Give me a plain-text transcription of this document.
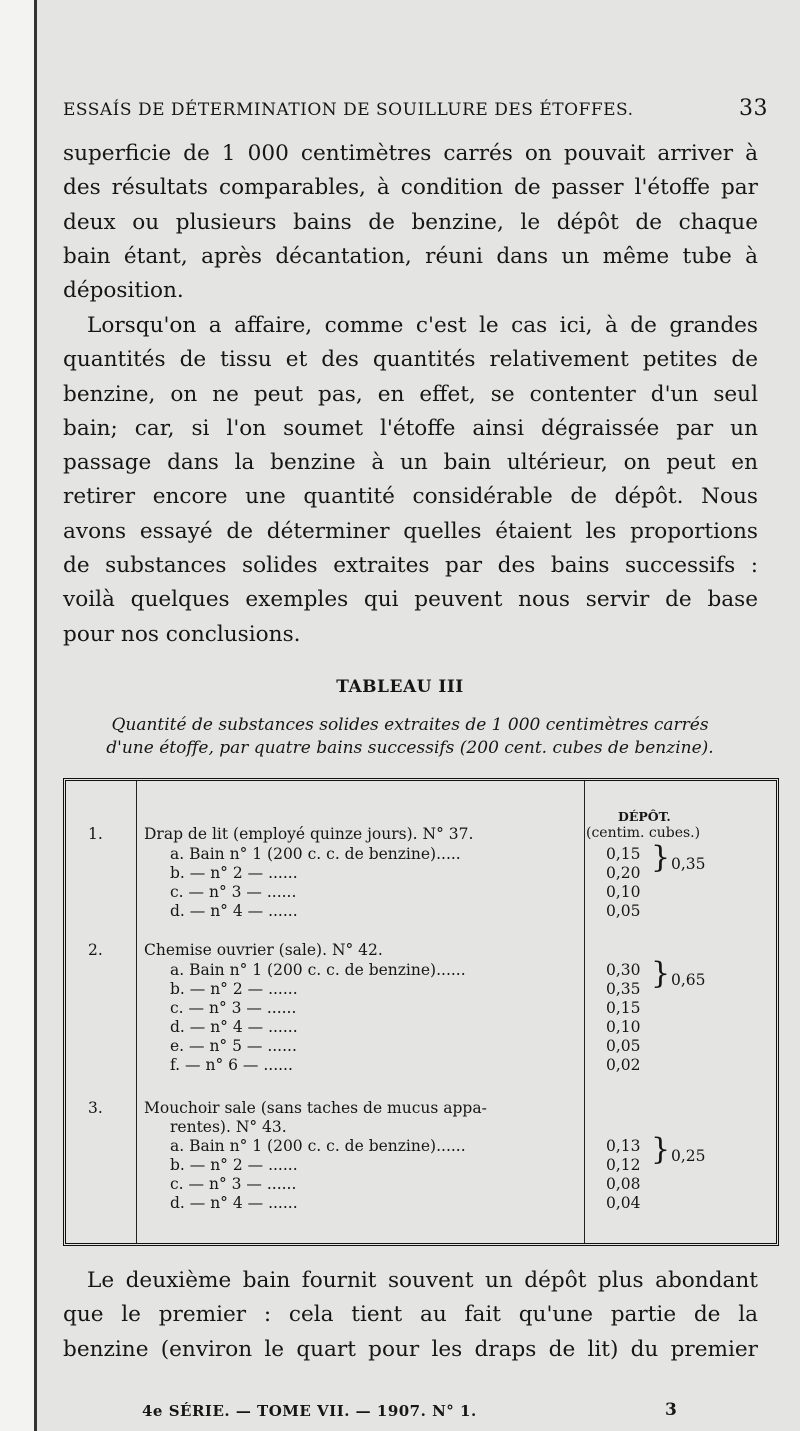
ESSAÍS DE DÉTERMINATION DE SOUILLURE DES ÉTOFFES.	33
superficie de 1 000 centimètres carrés on pouvait arriver à
des résultats comparables, à condition de passer l'étoffe par
deux ou plusieurs bains de benzine, le dépôt de chaque
bain étant, après décantation, réuni dans un même tube à
déposition.
Lorsqu'on a affaire, comme c'est le cas ici, à de grandes
quantités de tissu et des quantités relativement petites de
benzine, on ne peut pas, en effet, se contenter d'un seul
bain; car, si l'on soumet l'étoffe ainsi dégraissée par un
passage dans la benzine à un bain ultérieur, on peut en
retirer encore une quantité considérable de dépôt. Nous
avons essayé de déterminer quelles étaient les proportions
de substances solides extraites par des bains successifs :
voilà quelques exemples qui peuvent nous servir de base
pour nos conclusions.
TABLEAU III
Quantité de substances solides extraites de 1 000 centimètres carrés
d'une étoffe, par quatre bains successifs (200 cent. cubes de benzine).
DÉPÔT.
(centim. cubes.)
1.	Drap de lit (employé quinze jours). N° 37.
a. Bain n° 1 (200 c. c. de benzine).....	0,15
b. — n° 2 — ......	0,20
c. — n° 3 — ......	0,10
d. — n° 4 — ......	0,05
} 0,35
2.	Chemise ouvrier (sale). N° 42.
a. Bain n° 1 (200 c. c. de benzine)......	0,30
b. — n° 2 — ......	0,35
c. — n° 3 — ......	0,15
d. — n° 4 — ......	0,10
e. — n° 5 — ......	0,05
f. — n° 6 — ......	0,02
} 0,65
3.	Mouchoir sale (sans taches de mucus appa-
rentes). N° 43.
a. Bain n° 1 (200 c. c. de benzine)......	0,13
b. — n° 2 — ......	0,12
c. — n° 3 — ......	0,08
d. — n° 4 — ......	0,04
} 0,25
Le deuxième bain fournit souvent un dépôt plus abondant
que le premier : cela tient au fait qu'une partie de la
benzine (environ le quart pour les draps de lit) du premier
4e SÉRIE. — TOME VII. — 1907. N° 1.	3
